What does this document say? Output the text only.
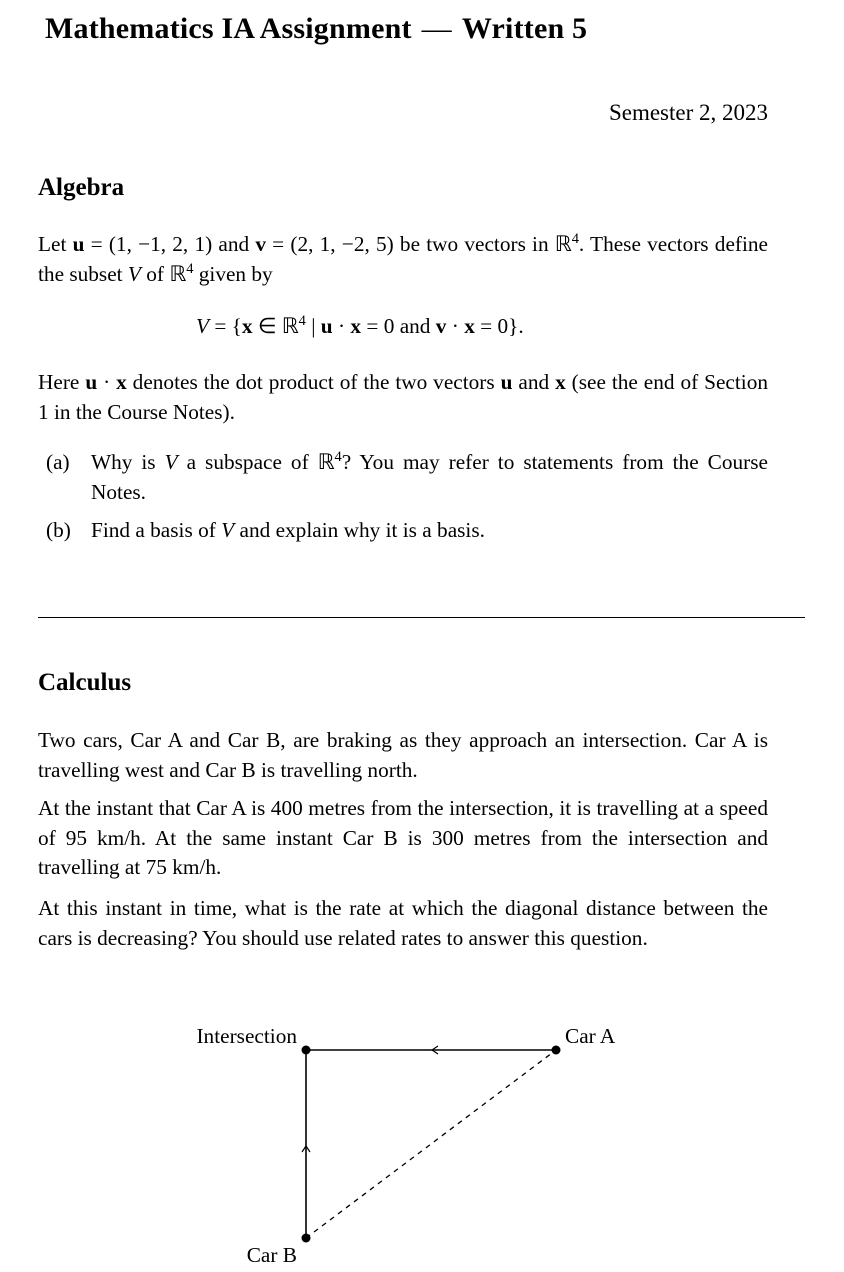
Mathematics IA Assignment — Written 5
Semester 2, 2023
Algebra

Let u = (1, −1, 2, 1) and v = (2, 1, −2, 5) be two vectors in ℝ$^4$. These vectors define the subset V of ℝ$^4$ given by

V = {x ∈ ℝ$^4$ | u · x = 0 and v · x = 0}.

Here u · x denotes the dot product of the two vectors u and x (see the end of Section 1 in the Course Notes).

(a) Why is V a subspace of ℝ$^4$? You may refer to statements from the Course Notes.
(b) Find a basis of V and explain why it is a basis.
Calculus

Two cars, Car A and Car B, are braking as they approach an intersection. Car A is travelling west and Car B is travelling north.

At the instant that Car A is 400 metres from the intersection, it is travelling at a speed of 95 km/h. At the same instant Car B is 300 metres from the intersection and travelling at 75 km/h.

At this instant in time, what is the rate at which the diagonal distance between the cars is decreasing? You should use related rates to answer this question.

Intersection	Car A
Car B
